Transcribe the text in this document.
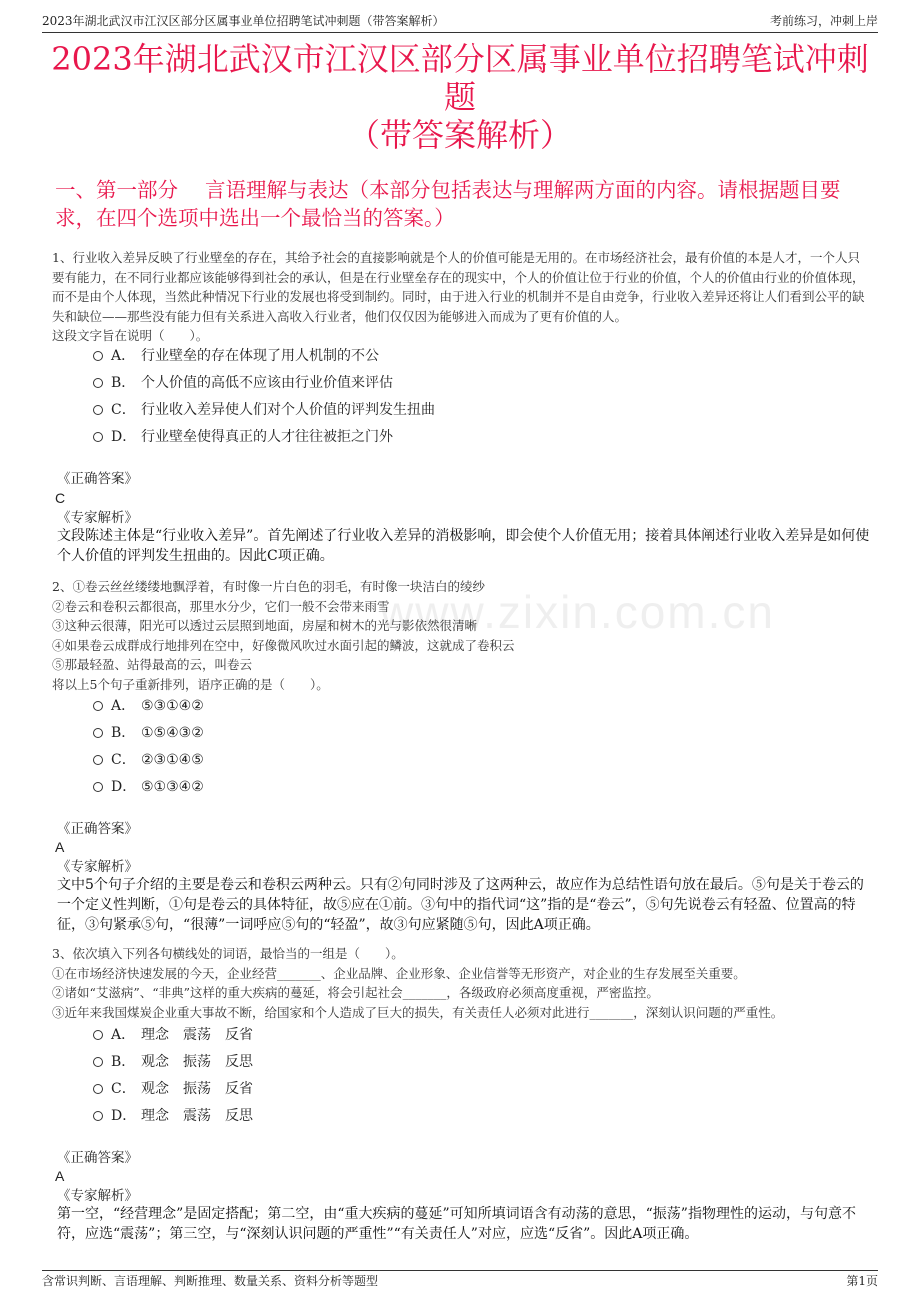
2023年湖北武汉市江汉区部分区属事业单位招聘笔试冲刺题（带答案解析）	考前练习，冲刺上岸
2023年湖北武汉市江汉区部分区属事业单位招聘笔试冲刺题
（带答案解析）
一、第一部分　 言语理解与表达（本部分包括表达与理解两方面的内容。请根据题目要求，在四个选项中选出一个最恰当的答案。）
www.zixin.com.cn
1、行业收入差异反映了行业壁垒的存在，其给予社会的直接影响就是个人的价值可能是无用的。在市场经济社会，最有价值的本是人才，一个人只要有能力，在不同行业都应该能够得到社会的承认，但是在行业壁垒存在的现实中，个人的价值让位于行业的价值，个人的价值由行业的价值体现，而不是由个人体现，当然此种情况下行业的发展也将受到制约。同时，由于进入行业的机制并不是自由竞争，行业收入差异还将让人们看到公平的缺失和缺位——那些没有能力但有关系进入高收入行业者，他们仅仅因为能够进入而成为了更有价值的人。
这段文字旨在说明（　　）。
A． 行业壁垒的存在体现了用人机制的不公
B． 个人价值的高低不应该由行业价值来评估
C． 行业收入差异使人们对个人价值的评判发生扭曲
D． 行业壁垒使得真正的人才往往被拒之门外
《正确答案》
C
《专家解析》
文段陈述主体是“行业收入差异”。首先阐述了行业收入差异的消极影响，即会使个人价值无用；接着具体阐述行业收入差异是如何使个人价值的评判发生扭曲的。因此C项正确。
2、①卷云丝丝缕缕地飘浮着，有时像一片白色的羽毛，有时像一块洁白的绫纱
②卷云和卷积云都很高，那里水分少，它们一般不会带来雨雪
③这种云很薄，阳光可以透过云层照到地面，房屋和树木的光与影依然很清晰
④如果卷云成群成行地排列在空中，好像微风吹过水面引起的鳞波，这就成了卷积云
⑤那最轻盈、站得最高的云，叫卷云
将以上5个句子重新排列，语序正确的是（　　）。
A． ⑤③①④②
B． ①⑤④③②
C． ②③①④⑤
D． ⑤①③④②
《正确答案》
A
《专家解析》
文中5个句子介绍的主要是卷云和卷积云两种云。只有②句同时涉及了这两种云，故应作为总结性语句放在最后。⑤句是关于卷云的一个定义性判断，①句是卷云的具体特征，故⑤应在①前。③句中的指代词“这”指的是“卷云”，⑤句先说卷云有轻盈、位置高的特征，③句紧承⑤句，“很薄”一词呼应⑤句的“轻盈”，故③句应紧随⑤句，因此A项正确。
3、依次填入下列各句横线处的词语，最恰当的一组是（　　）。
①在市场经济快速发展的今天，企业经营_______、企业品牌、企业形象、企业信誉等无形资产，对企业的生存发展至关重要。
②诸如“艾滋病”、“非典”这样的重大疾病的蔓延，将会引起社会_______，各级政府必须高度重视，严密监控。
③近年来我国煤炭企业重大事故不断，给国家和个人造成了巨大的损失，有关责任人必须对此进行_______，深刻认识问题的严重性。
A． 理念　震荡　反省
B． 观念　振荡　反思
C． 观念　振荡　反省
D． 理念　震荡　反思
《正确答案》
A
《专家解析》
第一空，“经营理念”是固定搭配；第二空，由“重大疾病的蔓延”可知所填词语含有动荡的意思，“振荡”指物理性的运动，与句意不符，应选“震荡”；第三空，与“深刻认识问题的严重性”“有关责任人”对应，应选“反省”。因此A项正确。
含常识判断、言语理解、判断推理、数量关系、资料分析等题型	第1页
